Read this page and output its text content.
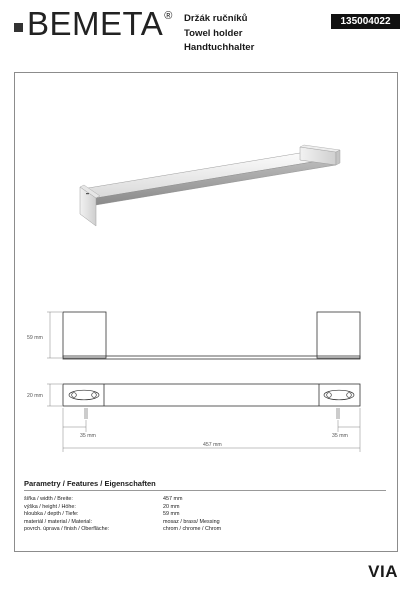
BEMETA ® Držák ručníků
Towel holder
Handtuchhalter
135004022
59 mm
20 mm
35 mm	35 mm
457 mm
Parametry / Features / Eigenschaften
šířka / width / Breite:	457 mm
výška / height / Höhe:	20 mm
hloubka / depth / Tiefe:	59 mm
materiál / material / Material:	mosaz / brass/ Messing
povrch. úprava / finish / Oberfläche:	chrom / chrome / Chrom
VIA
